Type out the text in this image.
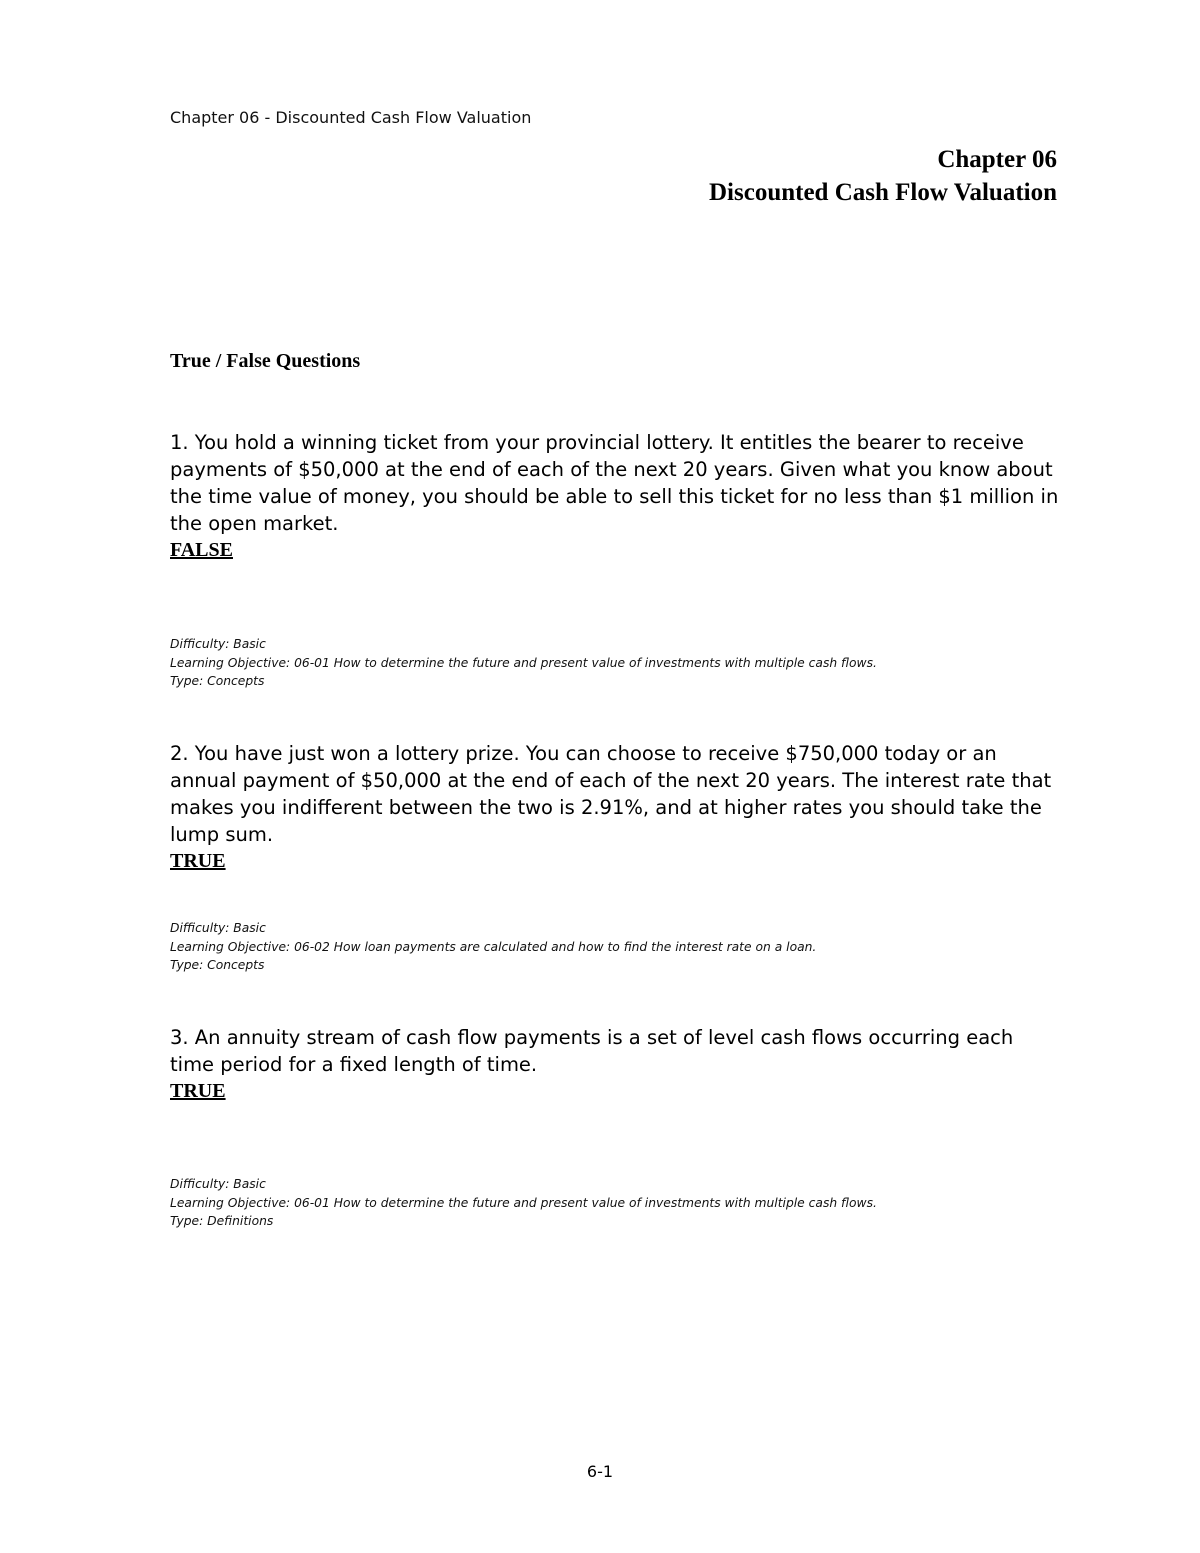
Chapter 06 - Discounted Cash Flow Valuation
Chapter 06
Discounted Cash Flow Valuation
True / False Questions

1. You hold a winning ticket from your provincial lottery. It entitles the bearer to receive payments of $50,000 at the end of each of the next 20 years. Given what you know about the time value of money, you should be able to sell this ticket for no less than $1 million in the open market.

FALSE

Difficulty: Basic
Learning Objective: 06-01 How to determine the future and present value of investments with multiple cash flows.
Type: Concepts

2. You have just won a lottery prize. You can choose to receive $750,000 today or an annual payment of $50,000 at the end of each of the next 20 years. The interest rate that makes you indifferent between the two is 2.91%, and at higher rates you should take the lump sum.

TRUE

Difficulty: Basic
Learning Objective: 06-02 How loan payments are calculated and how to find the interest rate on a loan.
Type: Concepts

3. An annuity stream of cash flow payments is a set of level cash flows occurring each time period for a fixed length of time.

TRUE

Difficulty: Basic
Learning Objective: 06-01 How to determine the future and present value of investments with multiple cash flows.
Type: Definitions
6-1
